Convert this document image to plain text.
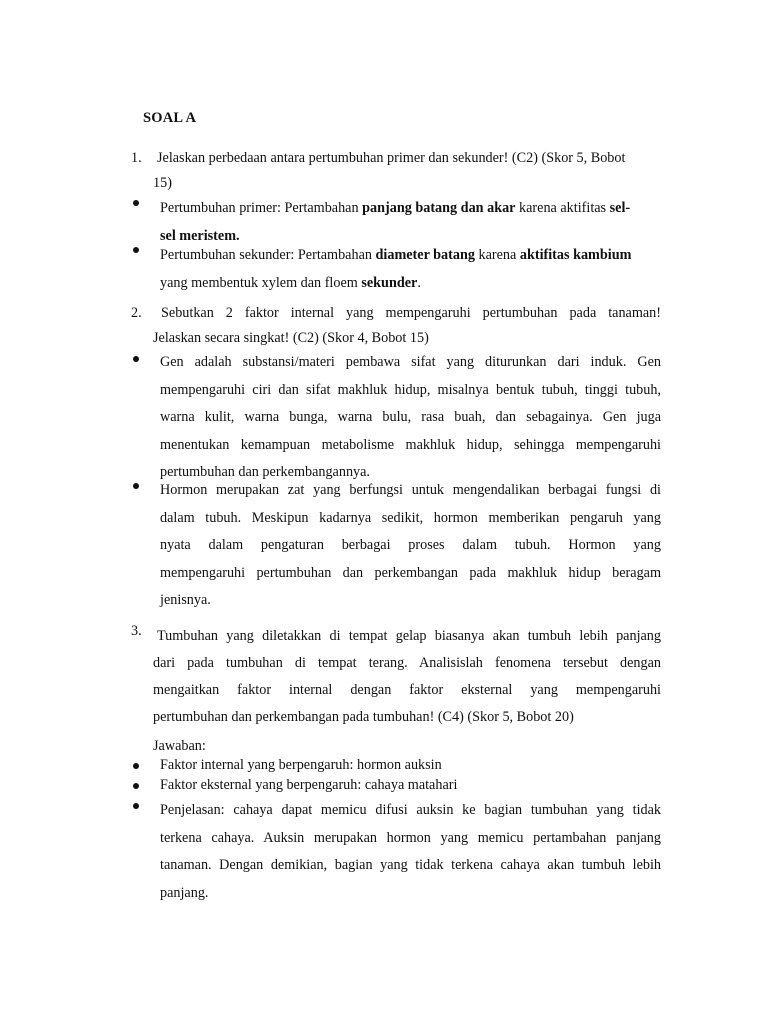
SOAL A
1. Jelaskan perbedaan antara pertumbuhan primer dan sekunder! (C2) (Skor 5, Bobot
15)
Pertumbuhan primer: Pertambahan panjang batang dan akar karena aktifitas sel-
sel meristem.
Pertumbuhan sekunder: Pertambahan diameter batang karena aktifitas kambium
yang membentuk xylem dan floem sekunder.
2. Sebutkan 2 faktor internal yang mempengaruhi pertumbuhan pada tanaman!
Jelaskan secara singkat! (C2) (Skor 4, Bobot 15)
Gen adalah substansi/materi pembawa sifat yang diturunkan dari induk. Gen
mempengaruhi ciri dan sifat makhluk hidup, misalnya bentuk tubuh, tinggi tubuh,
warna kulit, warna bunga, warna bulu, rasa buah, dan sebagainya. Gen juga
menentukan kemampuan metabolisme makhluk hidup, sehingga mempengaruhi
pertumbuhan dan perkembangannya.
Hormon merupakan zat yang berfungsi untuk mengendalikan berbagai fungsi di
dalam tubuh. Meskipun kadarnya sedikit, hormon memberikan pengaruh yang
nyata dalam pengaturan berbagai proses dalam tubuh. Hormon yang
mempengaruhi pertumbuhan dan perkembangan pada makhluk hidup beragam
jenisnya.
3. Tumbuhan yang diletakkan di tempat gelap biasanya akan tumbuh lebih panjang
dari pada tumbuhan di tempat terang. Analisislah fenomena tersebut dengan
mengaitkan faktor internal dengan faktor eksternal yang mempengaruhi
pertumbuhan dan perkembangan pada tumbuhan! (C4) (Skor 5, Bobot 20)
Jawaban:
Faktor internal yang berpengaruh: hormon auksin
Faktor eksternal yang berpengaruh: cahaya matahari
Penjelasan: cahaya dapat memicu difusi auksin ke bagian tumbuhan yang tidak
terkena cahaya. Auksin merupakan hormon yang memicu pertambahan panjang
tanaman. Dengan demikian, bagian yang tidak terkena cahaya akan tumbuh lebih
panjang.
